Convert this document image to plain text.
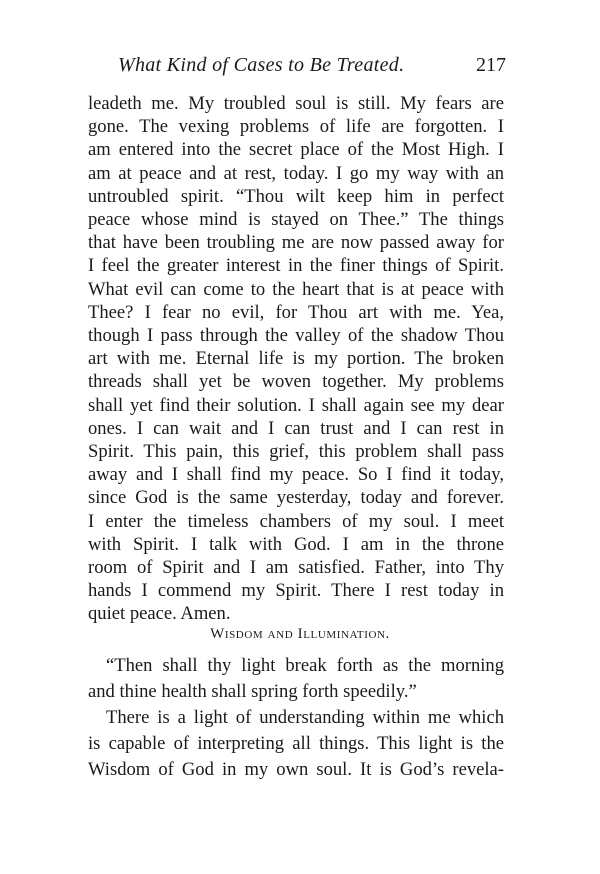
What Kind of Cases to Be Treated.	217
leadeth me. My troubled soul is still. My fears are
gone. The vexing problems of life are forgotten. I
am entered into the secret place of the Most High. I
am at peace and at rest, today. I go my way with an
untroubled spirit. “Thou wilt keep him in perfect
peace whose mind is stayed on Thee.” The things
that have been troubling me are now passed away for
I feel the greater interest in the finer things of Spirit.
What evil can come to the heart that is at peace with
Thee? I fear no evil, for Thou art with me. Yea,
though I pass through the valley of the shadow Thou
art with me. Eternal life is my portion. The broken
threads shall yet be woven together. My problems
shall yet find their solution. I shall again see my dear
ones. I can wait and I can trust and I can rest in
Spirit. This pain, this grief, this problem shall pass
away and I shall find my peace. So I find it today,
since God is the same yesterday, today and forever.
I enter the timeless chambers of my soul. I meet
with Spirit. I talk with God. I am in the throne
room of Spirit and I am satisfied. Father, into Thy
hands I commend my Spirit. There I rest today in
quiet peace. Amen.
Wisdom and Illumination.
“Then shall thy light break forth as the morning
and thine health shall spring forth speedily.”
There is a light of understanding within me which
is capable of interpreting all things. This light is the
Wisdom of God in my own soul. It is God’s revela-
